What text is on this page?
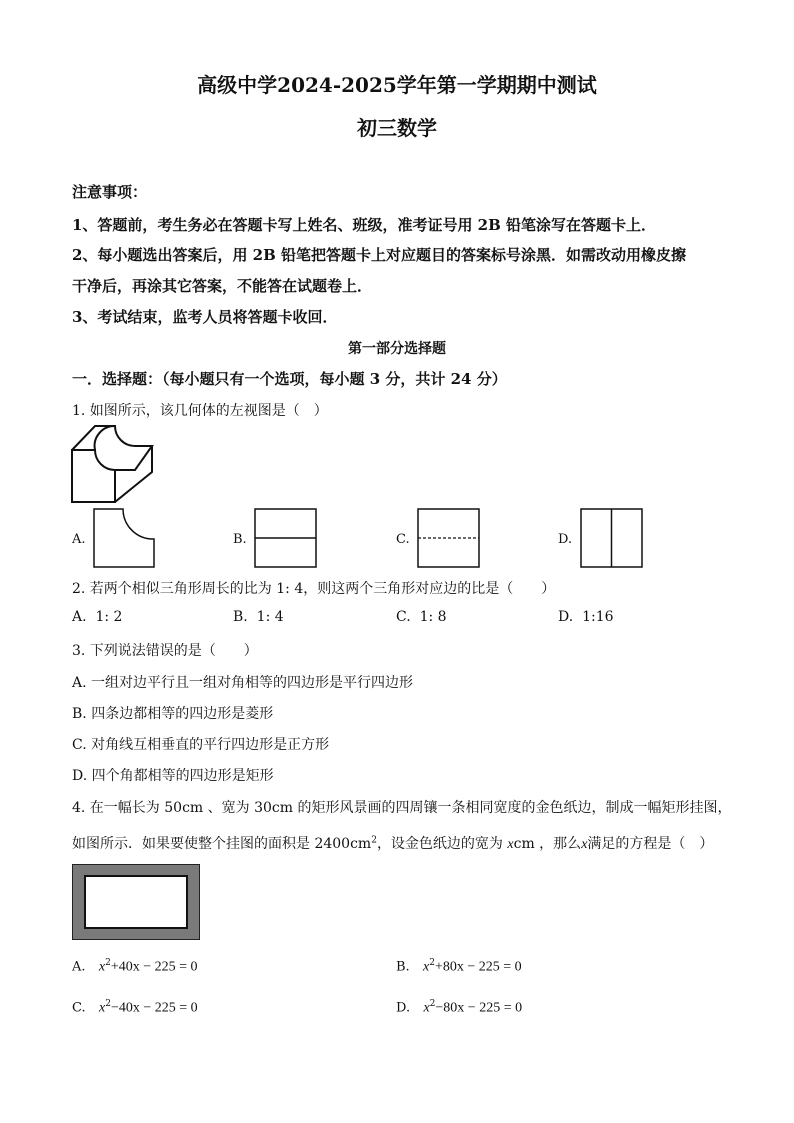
高级中学2024-2025学年第一学期期中测试
初三数学
注意事项：
1、答题前，考生务必在答题卡写上姓名、班级，准考证号用 2B 铅笔涂写在答题卡上．
2、每小题选出答案后，用 2B 铅笔把答题卡上对应题目的答案标号涂黑．如需改动用橡皮擦
干净后，再涂其它答案，不能答在试题卷上．
3、考试结束，监考人员将答题卡收回．
第一部分选择题
一．选择题：（每小题只有一个选项，每小题 3 分，共计 24 分）
1. 如图所示，该几何体的左视图是（　）
A.	B.	C.	D.
2. 若两个相似三角形周长的比为 1: 4，则这两个三角形对应边的比是（　　）
A. 1: 2	B. 1: 4	C. 1: 8	D. 1:16
3. 下列说法错误的是（　　）
A. 一组对边平行且一组对角相等的四边形是平行四边形
B. 四条边都相等的四边形是菱形
C. 对角线互相垂直的平行四边形是正方形
D. 四个角都相等的四边形是矩形
4. 在一幅长为 50cm 、宽为 30cm 的矩形风景画的四周镶一条相同宽度的金色纸边，制成一幅矩形挂图，
如图所示．如果要使整个挂图的面积是 $2400cm^2$，设金色纸边的宽为 xcm ，那么x满足的方程是（　）
A. $x^2+40x - 225 = 0$	B. $x^2+80x - 225 = 0$
C. $x^2-40x - 225 = 0$	D. $x^2-80x - 225 = 0$
